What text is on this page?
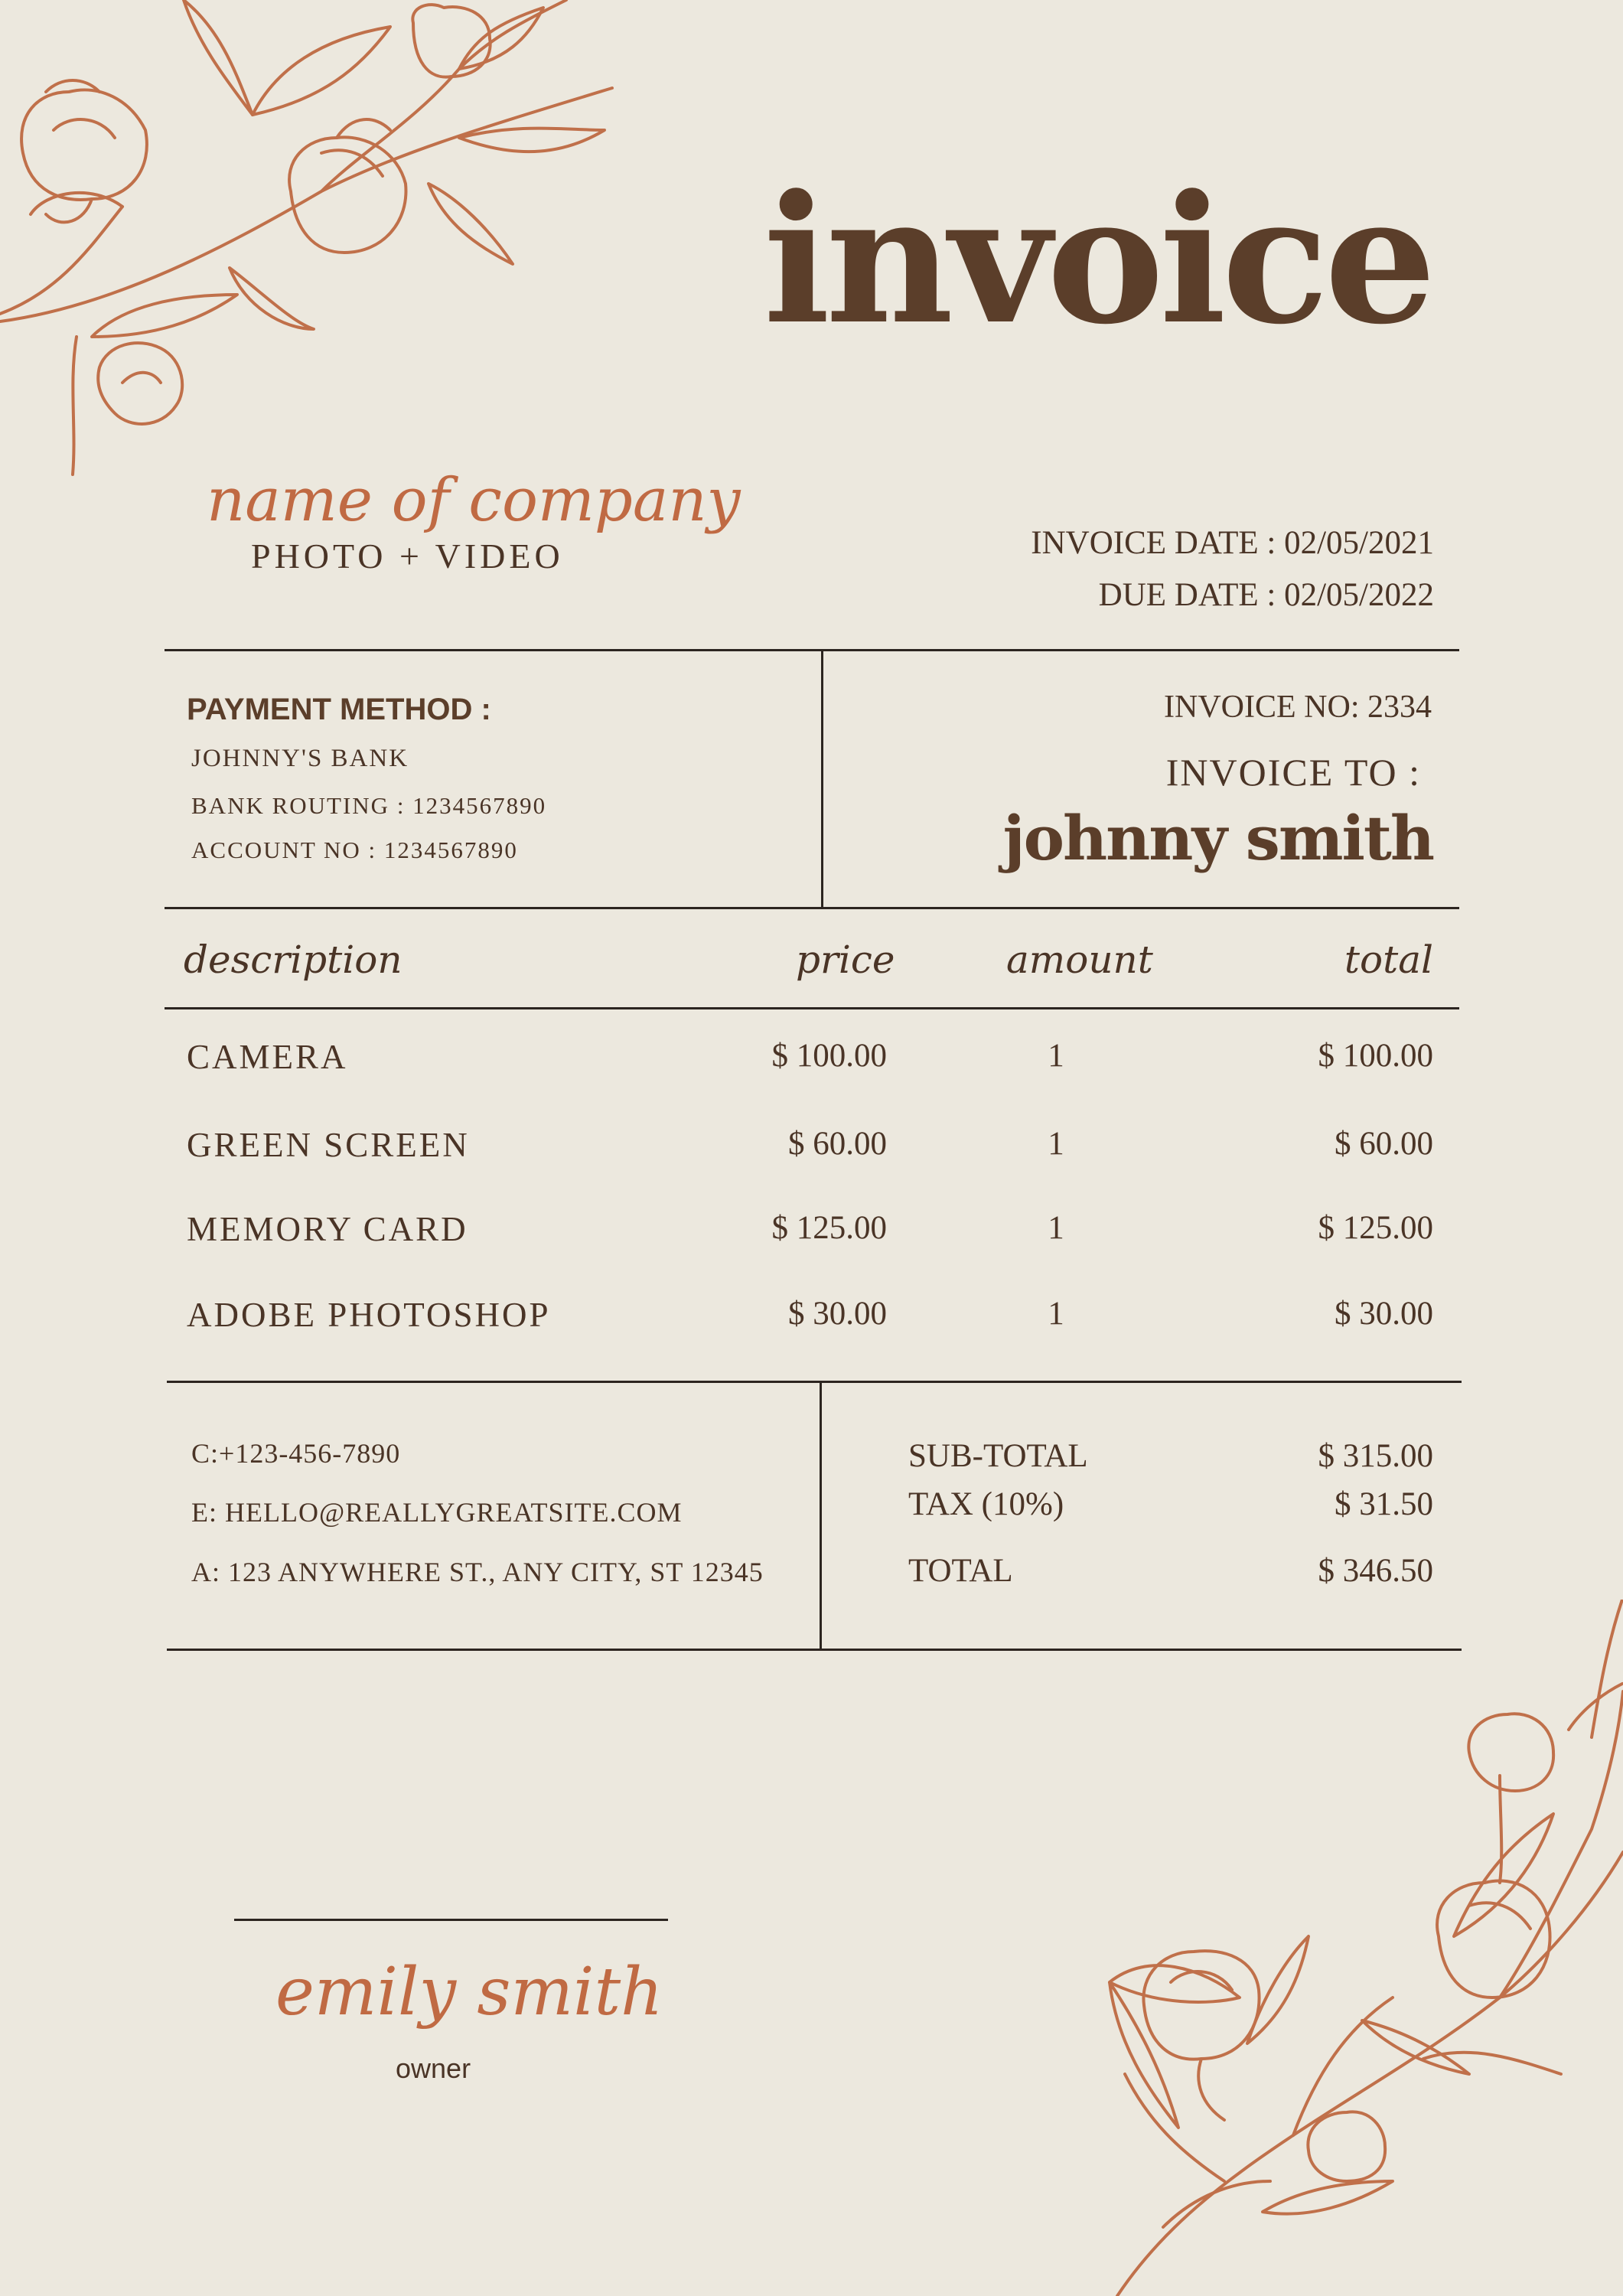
invoice
name of company
PHOTO + VIDEO	INVOICE DATE : 02/05/2021
DUE DATE : 02/05/2022
PAYMENT METHOD :
JOHNNY'S BANK
BANK ROUTING : 1234567890
ACCOUNT NO : 1234567890
INVOICE NO: 2334
INVOICE TO :
johnny smith
description	price	amount	total
CAMERA	$ 100.00	1	$ 100.00
GREEN SCREEN	$ 60.00	1	$ 60.00
MEMORY CARD	$ 125.00	1	$ 125.00
ADOBE PHOTOSHOP	$ 30.00	1	$ 30.00
C:+123-456-7890
E: HELLO@REALLYGREATSITE.COM
A: 123 ANYWHERE ST., ANY CITY, ST 12345
SUB-TOTAL	$ 315.00
TAX (10%)	$ 31.50
TOTAL	$ 346.50
emily smith
owner
